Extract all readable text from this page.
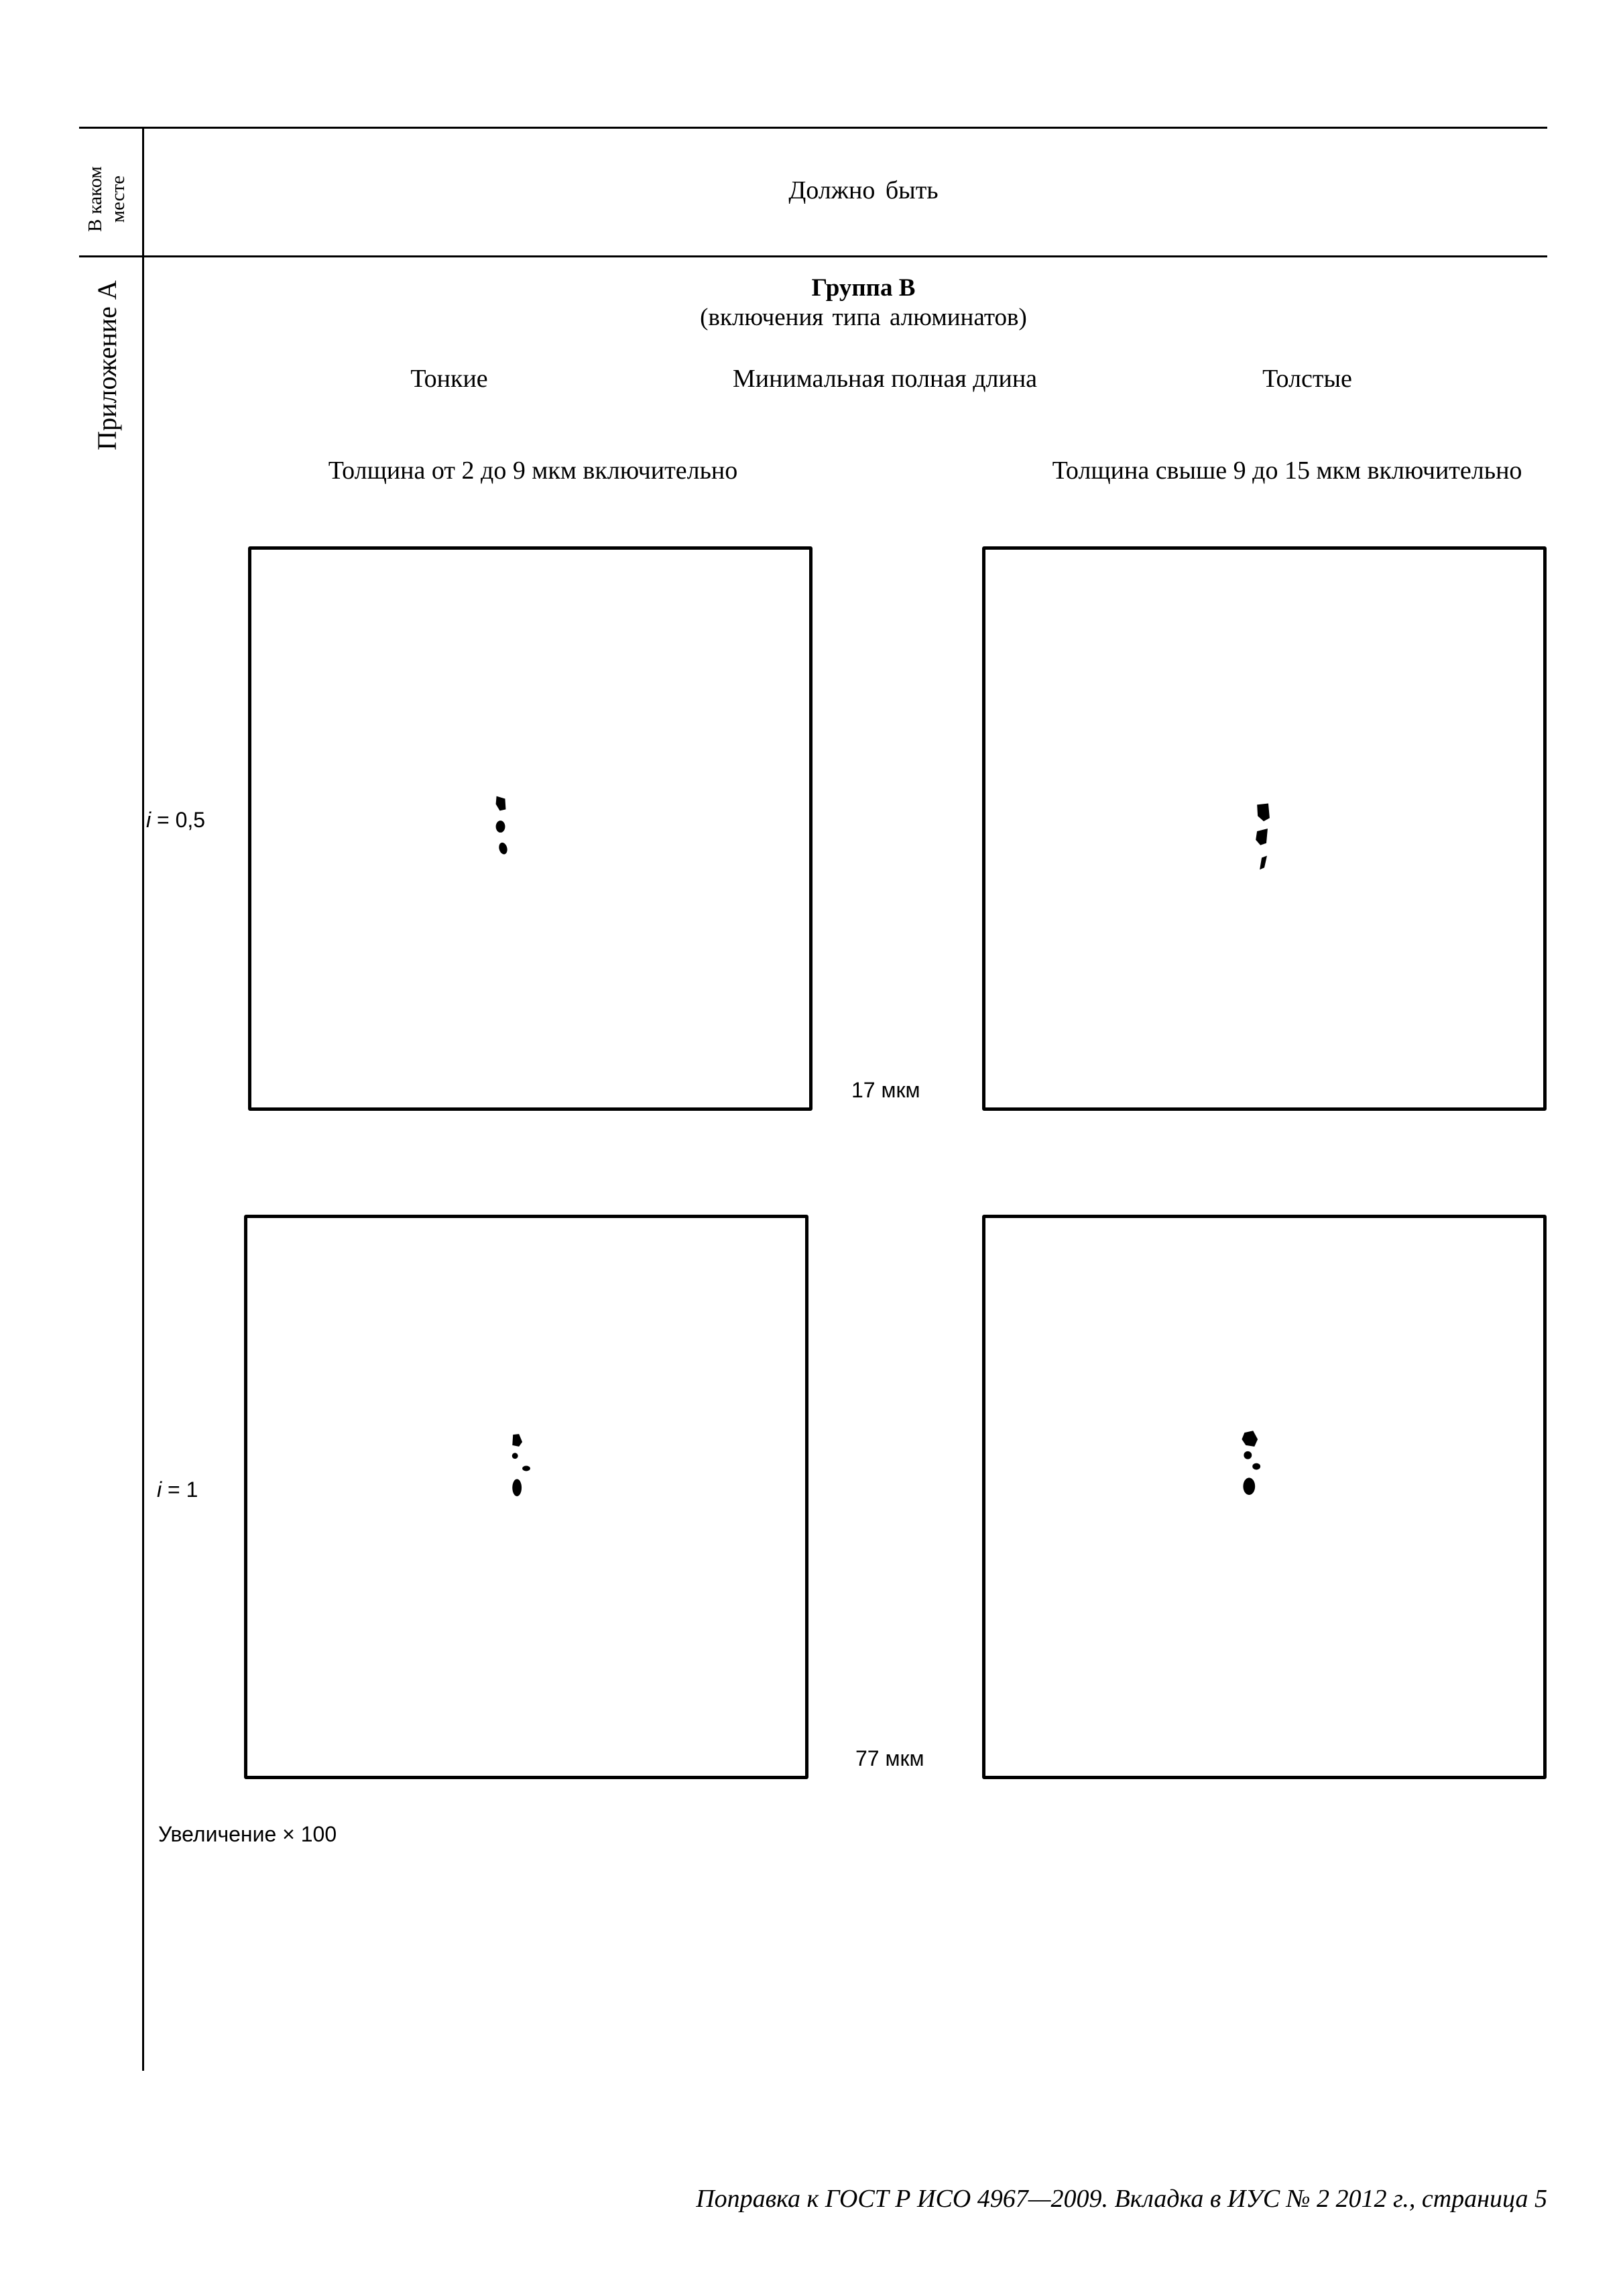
В каком месте	Должно быть
Приложение А	Группа В
(включения типа алюминатов)
Тонкие	Минимальная полная длина	Толстые
Толщина от 2 до 9 мкм включительно	Толщина свыше 9 до 15 мкм включительно
i = 0,5
17 мкм
i = 1
77 мкм
Увеличение × 100
Поправка к ГОСТ Р ИСО 4967—2009. Вкладка в ИУС № 2 2012 г., страница 5
